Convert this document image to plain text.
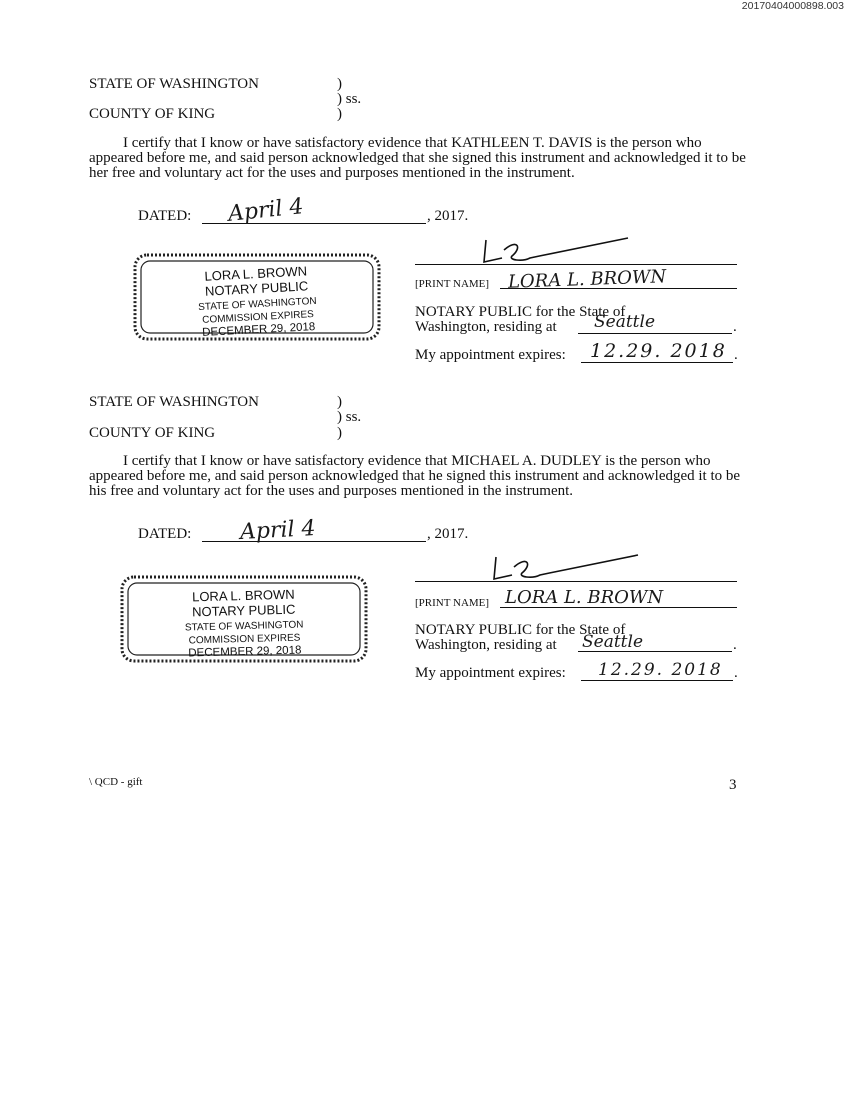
20170404000898.003
STATE OF WASHINGTON
COUNTY OF KING
)
) ss.
)
I certify that I know or have satisfactory evidence that KATHLEEN T. DAVIS is the person who appeared before me, and said person acknowledged that she signed this instrument and acknowledged it to be her free and voluntary act for the uses and purposes mentioned in the instrument.
DATED: April 4	, 2017.
LORA L. BROWN
NOTARY PUBLIC
STATE OF WASHINGTON
COMMISSION EXPIRES
DECEMBER 29, 2018
[PRINT NAME] LORA L. BROWN
NOTARY PUBLIC for the State of
Washington, residing at Seattle	.
My appointment expires: 12.29. 2018 .
STATE OF WASHINGTON
COUNTY OF KING
)
) ss.
)
I certify that I know or have satisfactory evidence that MICHAEL A. DUDLEY is the person who appeared before me, and said person acknowledged that he signed this instrument and acknowledged it to be his free and voluntary act for the uses and purposes mentioned in the instrument.
DATED: April 4	, 2017.
LORA L. BROWN
NOTARY PUBLIC
STATE OF WASHINGTON
COMMISSION EXPIRES
DECEMBER 29, 2018
[PRINT NAME] LORA L. BROWN
NOTARY PUBLIC for the State of
Washington, residing at Seattle	.
My appointment expires: 12.29. 2018 .
\ QCD - gift	3
